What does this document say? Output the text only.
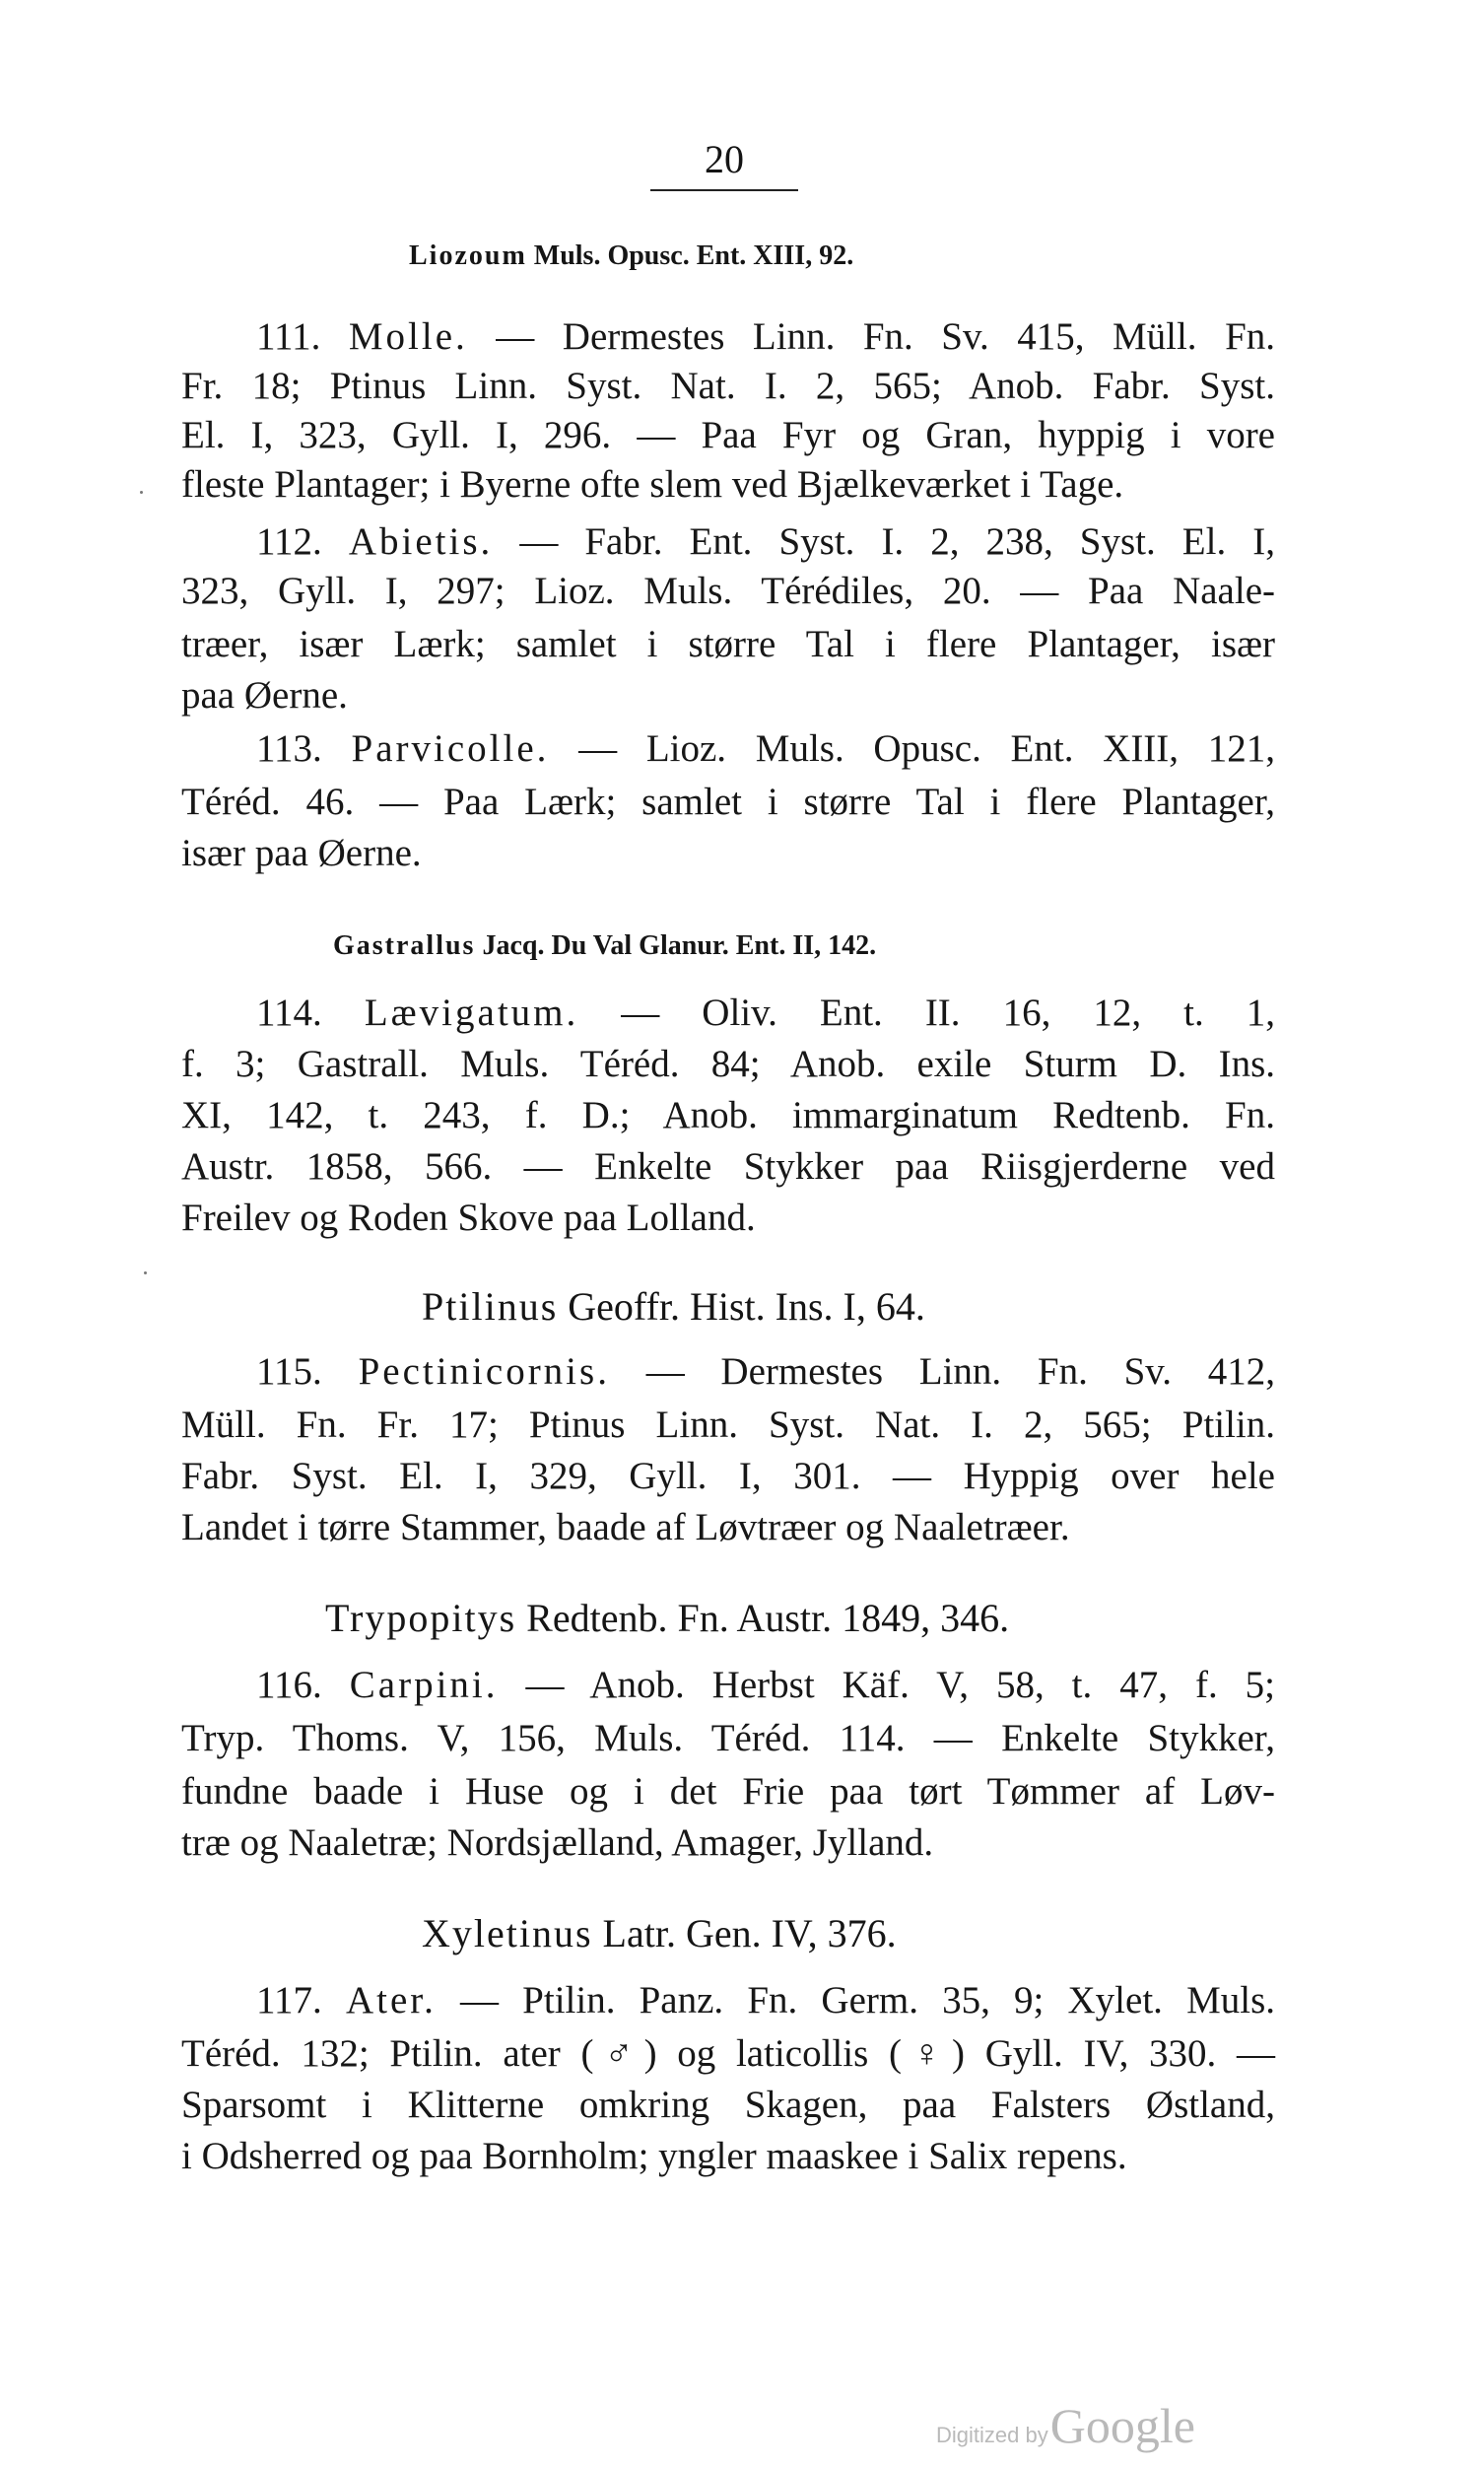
20
Liozoum Muls. Opusc. Ent. XIII, 92.
111. Molle. — Dermestes Linn. Fn. Sv. 415, Müll. Fn.
Fr. 18; Ptinus Linn. Syst. Nat. I. 2, 565; Anob. Fabr. Syst.
El. I, 323, Gyll. I, 296. — Paa Fyr og Gran, hyppig i vore
fleste Plantager; i Byerne ofte slem ved Bjælkeværket i Tage.
112. Abietis. — Fabr. Ent. Syst. I. 2, 238, Syst. El. I,
323, Gyll. I, 297; Lioz. Muls. Térédiles, 20. — Paa Naale-
træer, især Lærk; samlet i større Tal i flere Plantager, især
paa Øerne.
113. Parvicolle. — Lioz. Muls. Opusc. Ent. XIII, 121,
Téréd. 46. — Paa Lærk; samlet i større Tal i flere Plantager,
især paa Øerne.
Gastrallus Jacq. Du Val Glanur. Ent. II, 142.
114. Lævigatum. — Oliv. Ent. II. 16, 12, t. 1,
f. 3; Gastrall. Muls. Téréd. 84; Anob. exile Sturm D. Ins.
XI, 142, t. 243, f. D.; Anob. immarginatum Redtenb. Fn.
Austr. 1858, 566. — Enkelte Stykker paa Riisgjerderne ved
Freilev og Roden Skove paa Lolland.
Ptilinus Geoffr. Hist. Ins. I, 64.
115. Pectinicornis. — Dermestes Linn. Fn. Sv. 412,
Müll. Fn. Fr. 17; Ptinus Linn. Syst. Nat. I. 2, 565; Ptilin.
Fabr. Syst. El. I, 329, Gyll. I, 301. — Hyppig over hele
Landet i tørre Stammer, baade af Løvtræer og Naaletræer.
Trypopitys Redtenb. Fn. Austr. 1849, 346.
116. Carpini. — Anob. Herbst Käf. V, 58, t. 47, f. 5;
Tryp. Thoms. V, 156, Muls. Téréd. 114. — Enkelte Stykker,
fundne baade i Huse og i det Frie paa tørt Tømmer af Løv-
træ og Naaletræ; Nordsjælland, Amager, Jylland.
Xyletinus Latr. Gen. IV, 376.
117. Ater. — Ptilin. Panz. Fn. Germ. 35, 9; Xylet. Muls.
Téréd. 132; Ptilin. ater (♂) og laticollis (♀) Gyll. IV, 330. —
Sparsomt i Klitterne omkring Skagen, paa Falsters Østland,
i Odsherred og paa Bornholm; yngler maaskee i Salix repens.
Digitized byGoogle
